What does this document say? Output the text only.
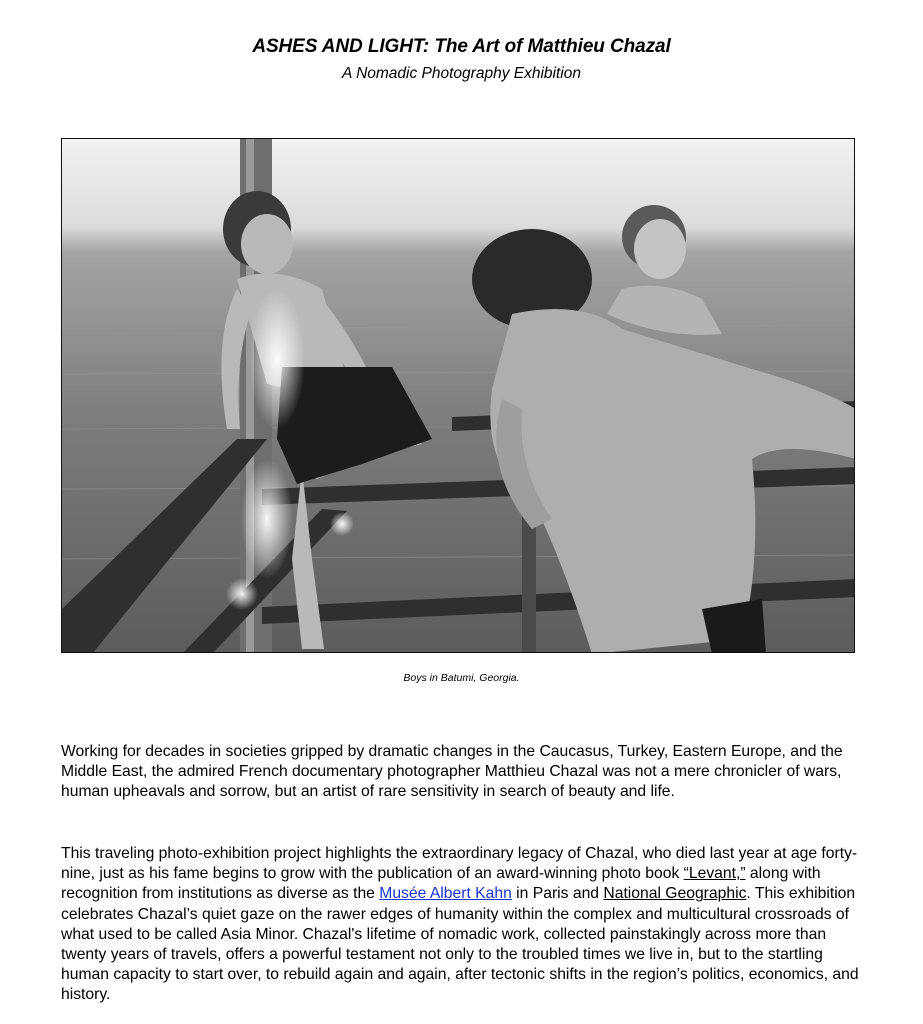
ASHES AND LIGHT: The Art of Matthieu Chazal
A Nomadic Photography Exhibition
Boys in Batumi, Georgia.

Working for decades in societies gripped by dramatic changes in the Caucasus, Turkey, Eastern Europe, and the Middle East, the admired French documentary photographer Matthieu Chazal was not a mere chronicler of wars, human upheavals and sorrow, but an artist of rare sensitivity in search of beauty and life.

This traveling photo-exhibition project highlights the extraordinary legacy of Chazal, who died last year at age forty-nine, just as his fame begins to grow with the publication of an award-winning photo book “Levant,” along with recognition from institutions as diverse as the Musée Albert Kahn in Paris and National Geographic. This exhibition celebrates Chazal’s quiet gaze on the rawer edges of humanity within the complex and multicultural crossroads of what used to be called Asia Minor. Chazal's lifetime of nomadic work, collected painstakingly across more than twenty years of travels, offers a powerful testament not only to the troubled times we live in, but to the startling human capacity to start over, to rebuild again and again, after tectonic shifts in the region’s politics, economics, and history.
